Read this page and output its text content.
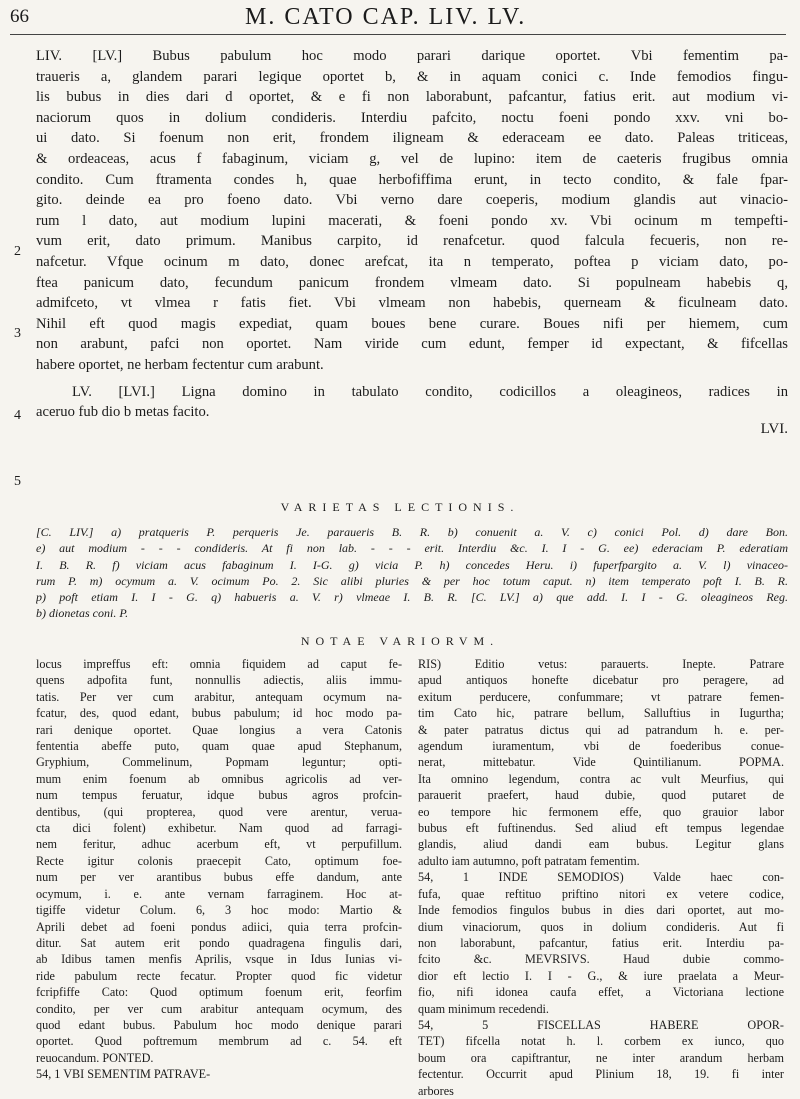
66	M. CATO CAP. LIV. LV.
LIV. [LV.] Bubus pabulum hoc modo parari darique oportet. Vbi fementim pa-
traueris a, glandem parari legique oportet b, & in aquam conici c. Inde femodios fingu-
lis bubus in dies dari d oportet, & e fi non laborabunt, pafcantur, fatius erit. aut modium vi-
naciorum quos in dolium condideris. Interdiu pafcito, noctu foeni pondo xxv. vni bo-
ui dato. Si foenum non erit, frondem iligneam & ederaceam ee dato. Paleas triticeas,
& ordeaceas, acus f fabaginum, viciam g, vel de lupino: item de caeteris frugibus omnia
condito. Cum ftramenta condes h, quae herbofiffima erunt, in tecto condito, & fale fpar-
gito. deinde ea pro foeno dato. Vbi verno dare coeperis, modium glandis aut vinacio-
rum l dato, aut modium lupini macerati, & foeni pondo xv. Vbi ocinum m tempefti-
vum erit, dato primum. Manibus carpito, id renafcetur. quod falcula fecueris, non re-
nafcetur. Vfque ocinum m dato, donec arefcat, ita n temperato, poftea p viciam dato, po-
ftea panicum dato, fecundum panicum frondem vlmeam dato. Si populneam habebis q,
admifceto, vt vlmea r fatis fiet. Vbi vlmeam non habebis, querneam & ficulneam dato.
Nihil eft quod magis expediat, quam boues bene curare. Boues nifi per hiemem, cum
non arabunt, pafci non oportet. Nam viride cum edunt, femper id expectant, & fifcellas
habere oportet, ne herbam fectentur cum arabunt.
LV. [LVI.] Ligna domino in tabulato condito, codicillos a oleagineos, radices in
aceruo fub dio b metas facito.
LVI.
2
3
4
5
VARIETAS LECTIONIS.
[C. LIV.] a) pratqueris P. perqueris Je. paraueris B. R. b) conuenit a. V. c) conici Pol. d) dare Bon.
e) aut modium - - - condideris. At fi non lab. - - - erit. Interdiu &c. I. I - G. ee) ederaciam P. ederatiam
I. B. R. f) viciam acus fabaginum I. I-G. g) vicia P. h) concedes Heru. i) fuperfpargito a. V. l) vinaceo-
rum P. m) ocymum a. V. ocimum Po. 2. Sic alibi pluries & per hoc totum caput. n) item temperato poft I. B. R.
p) poft etiam I. I - G. q) habueris a. V. r) vlmeae I. B. R. [C. LV.] a) que add. I. I - G. oleagineos Reg.
b) dionetas coni. P.
NOTAE VARIORVM.
locus impreffus eft: omnia fiquidem ad caput fe-
quens adpofita funt, nonnullis adiectis, aliis immu-
tatis. Per ver cum arabitur, antequam ocymum na-
fcatur, des, quod edant, bubus pabulum; id hoc modo pa-
rari denique oportet. Quae longius a vera Catonis
fententia abeffe puto, quam quae apud Stephanum,
Gryphium, Commelinum, Popmam leguntur; opti-
mum enim foenum ab omnibus agricolis ad ver-
num tempus feruatur, idque bubus agros profcin-
dentibus, (qui propterea, quod vere arentur, verua-
cta dici folent) exhibetur. Nam quod ad farragi-
nem feritur, adhuc acerbum eft, vt perpufillum.
Recte igitur colonis praecepit Cato, optimum foe-
num per ver arantibus bubus effe dandum, ante
ocymum, i. e. ante vernam farraginem. Hoc at-
tigiffe videtur Colum. 6, 3 hoc modo: Martio &
Aprili debet ad foeni pondus adiici, quia terra profcin-
ditur. Sat autem erit pondo quadragena fingulis dari,
ab Idibus tamen menfis Aprilis, vsque in Idus Iunias vi-
ride pabulum recte fecatur. Propter quod fic videtur
fcripfiffe Cato: Quod optimum foenum erit, feorfim
condito, per ver cum arabitur antequam ocymum, des
quod edant bubus. Pabulum hoc modo denique parari
oportet. Quod poftremum membrum ad c. 54. eft
reuocandum. PONTED.
54, 1 VBI SEMENTIM PATRAVE-
RIS) Editio vetus: parauerts. Inepte. Patrare
apud antiquos honefte dicebatur pro peragere, ad
exitum perducere, confummare; vt patrare femen-
tim Cato hic, patrare bellum, Salluftius in Iugurtha;
& pater patratus dictus qui ad patrandum h. e. per-
agendum iuramentum, vbi de foederibus conue-
nerat, mittebatur. Vide Quintilianum. POPMA.
Ita omnino legendum, contra ac vult Meurfius, qui
parauerit praefert, haud dubie, quod putaret de
eo tempore hic fermonem effe, quo grauior labor
bubus eft fuftinendus. Sed aliud eft tempus legendae
glandis, aliud dandi eam bubus. Legitur glans
adulto iam autumno, poft patratam fementim.
54, 1 INDE SEMODIOS) Valde haec con-
fufa, quae reftituo priftino nitori ex vetere codice,
Inde femodios fingulos bubus in dies dari oportet, aut mo-
dium vinaciorum, quos in dolium condideris. Aut fi
non laborabunt, pafcantur, fatius erit. Interdiu pa-
fcito &c. MEVRSIVS. Haud dubie commo-
dior eft lectio I. I - G., & iure praelata a Meur-
fio, nifi idonea caufa effet, a Victoriana lectione
quam minimum recedendi.
54, 5 FISCELLAS HABERE OPOR-
TET) fifcella notat h. l. corbem ex iunco, quo
boum ora capiftrantur, ne inter arandum herbam
fectentur. Occurrit apud Plinium 18, 19. fi inter
arbores
